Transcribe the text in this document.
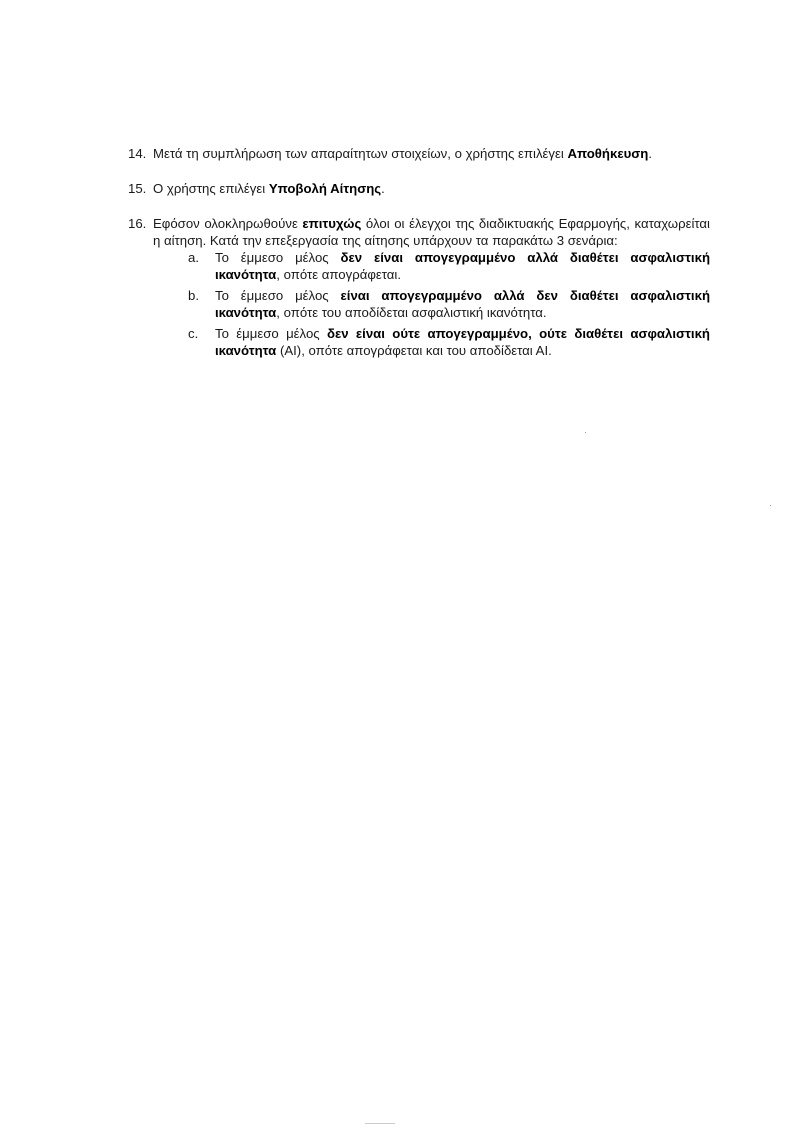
14. Μετά τη συμπλήρωση των απαραίτητων στοιχείων, ο χρήστης επιλέγει Αποθήκευση.
15. Ο χρήστης επιλέγει Υποβολή Αίτησης.
16. Εφόσον ολοκληρωθούνε επιτυχώς όλοι οι έλεγχοι της διαδικτυακής Εφαρμογής, καταχωρείται η αίτηση. Κατά την επεξεργασία της αίτησης υπάρχουν τα παρακάτω 3 σενάρια:
a. Το έμμεσο μέλος δεν είναι απογεγραμμένο αλλά διαθέτει ασφαλιστική ικανότητα, οπότε απογράφεται.
b. Το έμμεσο μέλος είναι απογεγραμμένο αλλά δεν διαθέτει ασφαλιστική ικανότητα, οπότε του αποδίδεται ασφαλιστική ικανότητα.
c. Το έμμεσο μέλος δεν είναι ούτε απογεγραμμένο, ούτε διαθέτει ασφαλιστική ικανότητα (ΑΙ), οπότε απογράφεται και του αποδίδεται ΑΙ.
